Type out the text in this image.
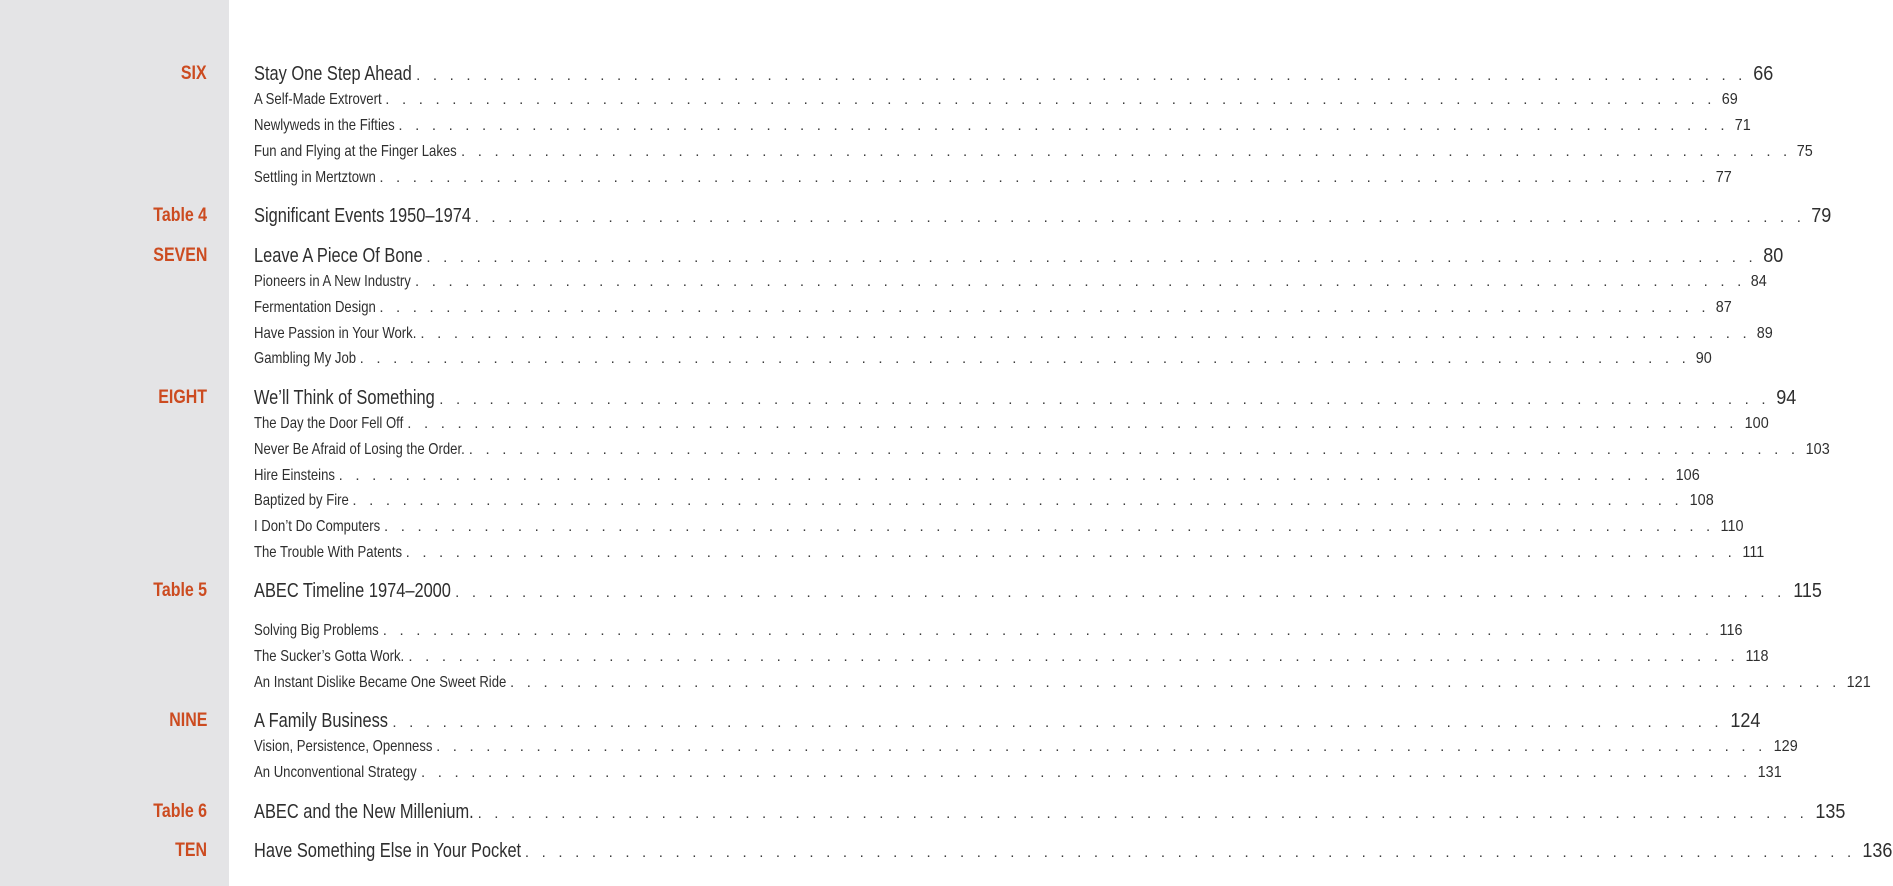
SIX Stay One Step Ahead . . . . . . . . . . . . . . . . . . . . . . . . . . . . . . . . . . . . . . . . . . . . . . . . . . . . . . . . . . . . . . . . . . . . . . . . . . . . . . . . 66
A Self-Made Extrovert . . . . . . . . . . . . . . . . . . . . . . . . . . . . . . . . . . . . . . . . . . . . . . . . . . . . . . . . . . . . . . . . . . . . . . . . . . . . . . . . 69
Newlyweds in the Fifties . . . . . . . . . . . . . . . . . . . . . . . . . . . . . . . . . . . . . . . . . . . . . . . . . . . . . . . . . . . . . . . . . . . . . . . . . . . . . . . . 71
Fun and Flying at the Finger Lakes . . . . . . . . . . . . . . . . . . . . . . . . . . . . . . . . . . . . . . . . . . . . . . . . . . . . . . . . . . . . . . . . . . . . . . . . . . . . . . . . 75
Settling in Mertztown . . . . . . . . . . . . . . . . . . . . . . . . . . . . . . . . . . . . . . . . . . . . . . . . . . . . . . . . . . . . . . . . . . . . . . . . . . . . . . . . 77
Table 4 Significant Events 1950–1974 . . . . . . . . . . . . . . . . . . . . . . . . . . . . . . . . . . . . . . . . . . . . . . . . . . . . . . . . . . . . . . . . . . . . . . . . . . . . . . . . 79
SEVEN Leave A Piece Of Bone . . . . . . . . . . . . . . . . . . . . . . . . . . . . . . . . . . . . . . . . . . . . . . . . . . . . . . . . . . . . . . . . . . . . . . . . . . . . . . . . 80
Pioneers in A New Industry . . . . . . . . . . . . . . . . . . . . . . . . . . . . . . . . . . . . . . . . . . . . . . . . . . . . . . . . . . . . . . . . . . . . . . . . . . . . . . . . 84
Fermentation Design . . . . . . . . . . . . . . . . . . . . . . . . . . . . . . . . . . . . . . . . . . . . . . . . . . . . . . . . . . . . . . . . . . . . . . . . . . . . . . . . 87
Have Passion in Your Work. . . . . . . . . . . . . . . . . . . . . . . . . . . . . . . . . . . . . . . . . . . . . . . . . . . . . . . . . . . . . . . . . . . . . . . . . . . . . . . . . 89
Gambling My Job . . . . . . . . . . . . . . . . . . . . . . . . . . . . . . . . . . . . . . . . . . . . . . . . . . . . . . . . . . . . . . . . . . . . . . . . . . . . . . . . 90
EIGHT We’ll Think of Something . . . . . . . . . . . . . . . . . . . . . . . . . . . . . . . . . . . . . . . . . . . . . . . . . . . . . . . . . . . . . . . . . . . . . . . . . . . . . . . . 94
The Day the Door Fell Off . . . . . . . . . . . . . . . . . . . . . . . . . . . . . . . . . . . . . . . . . . . . . . . . . . . . . . . . . . . . . . . . . . . . . . . . . . . . . . . . 100
Never Be Afraid of Losing the Order. . . . . . . . . . . . . . . . . . . . . . . . . . . . . . . . . . . . . . . . . . . . . . . . . . . . . . . . . . . . . . . . . . . . . . . . . . . . . . . . . 103
Hire Einsteins . . . . . . . . . . . . . . . . . . . . . . . . . . . . . . . . . . . . . . . . . . . . . . . . . . . . . . . . . . . . . . . . . . . . . . . . . . . . . . . . 106
Baptized by Fire . . . . . . . . . . . . . . . . . . . . . . . . . . . . . . . . . . . . . . . . . . . . . . . . . . . . . . . . . . . . . . . . . . . . . . . . . . . . . . . . 108
I Don’t Do Computers . . . . . . . . . . . . . . . . . . . . . . . . . . . . . . . . . . . . . . . . . . . . . . . . . . . . . . . . . . . . . . . . . . . . . . . . . . . . . . . . 110
The Trouble With Patents . . . . . . . . . . . . . . . . . . . . . . . . . . . . . . . . . . . . . . . . . . . . . . . . . . . . . . . . . . . . . . . . . . . . . . . . . . . . . . . . 111
Table 5 ABEC Timeline 1974–2000 . . . . . . . . . . . . . . . . . . . . . . . . . . . . . . . . . . . . . . . . . . . . . . . . . . . . . . . . . . . . . . . . . . . . . . . . . . . . . . . . 115
Solving Big Problems . . . . . . . . . . . . . . . . . . . . . . . . . . . . . . . . . . . . . . . . . . . . . . . . . . . . . . . . . . . . . . . . . . . . . . . . . . . . . . . . 116
The Sucker’s Gotta Work. . . . . . . . . . . . . . . . . . . . . . . . . . . . . . . . . . . . . . . . . . . . . . . . . . . . . . . . . . . . . . . . . . . . . . . . . . . . . . . . . 118
An Instant Dislike Became One Sweet Ride . . . . . . . . . . . . . . . . . . . . . . . . . . . . . . . . . . . . . . . . . . . . . . . . . . . . . . . . . . . . . . . . . . . . . . . . . . . . . . . . 121
NINE A Family Business . . . . . . . . . . . . . . . . . . . . . . . . . . . . . . . . . . . . . . . . . . . . . . . . . . . . . . . . . . . . . . . . . . . . . . . . . . . . . . . . 124
Vision, Persistence, Openness . . . . . . . . . . . . . . . . . . . . . . . . . . . . . . . . . . . . . . . . . . . . . . . . . . . . . . . . . . . . . . . . . . . . . . . . . . . . . . . . 129
An Unconventional Strategy . . . . . . . . . . . . . . . . . . . . . . . . . . . . . . . . . . . . . . . . . . . . . . . . . . . . . . . . . . . . . . . . . . . . . . . . . . . . . . . . 131
Table 6 ABEC and the New Millenium. . . . . . . . . . . . . . . . . . . . . . . . . . . . . . . . . . . . . . . . . . . . . . . . . . . . . . . . . . . . . . . . . . . . . . . . . . . . . . . . . 135
TEN Have Something Else in Your Pocket . . . . . . . . . . . . . . . . . . . . . . . . . . . . . . . . . . . . . . . . . . . . . . . . . . . . . . . . . . . . . . . . . . . . . . . . . . . . . . . . 136
